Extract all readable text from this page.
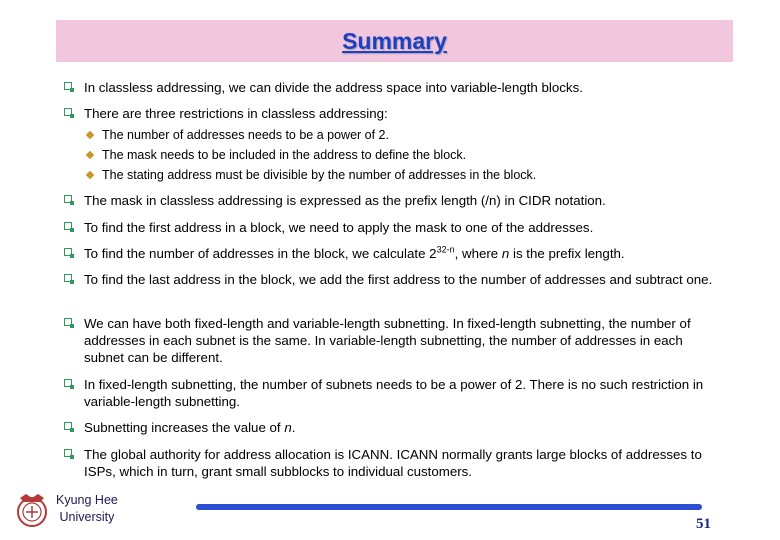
Summary
In classless addressing, we can divide the address space into variable-length blocks.
There are three restrictions in classless addressing:
The number of addresses needs to be a power of 2.
The mask needs to be included in the address to define the block.
The stating address must be divisible by the number of addresses in the block.
The mask in classless addressing is expressed as the prefix length (/n) in CIDR notation.
To find the first address in a block, we need to apply the mask to one of the addresses.
To find the number of addresses in the block, we calculate 2$^{32-n}$, where n is the prefix length.
To find the last address in the block, we add the first address to the number of addresses and subtract one.
We can have both fixed-length and variable-length subnetting. In fixed-length subnetting, the number of addresses in each subnet is the same. In variable-length subnetting, the number of addresses in each subnet can be different.
In fixed-length subnetting, the number of subnets needs to be a power of 2. There is no such restriction in variable-length subnetting.
Subnetting increases the value of n.
The global authority for address allocation is ICANN. ICANN normally grants large blocks of addresses to ISPs, which in turn, grant small subblocks to individual customers.
Kyung Hee
University	51
